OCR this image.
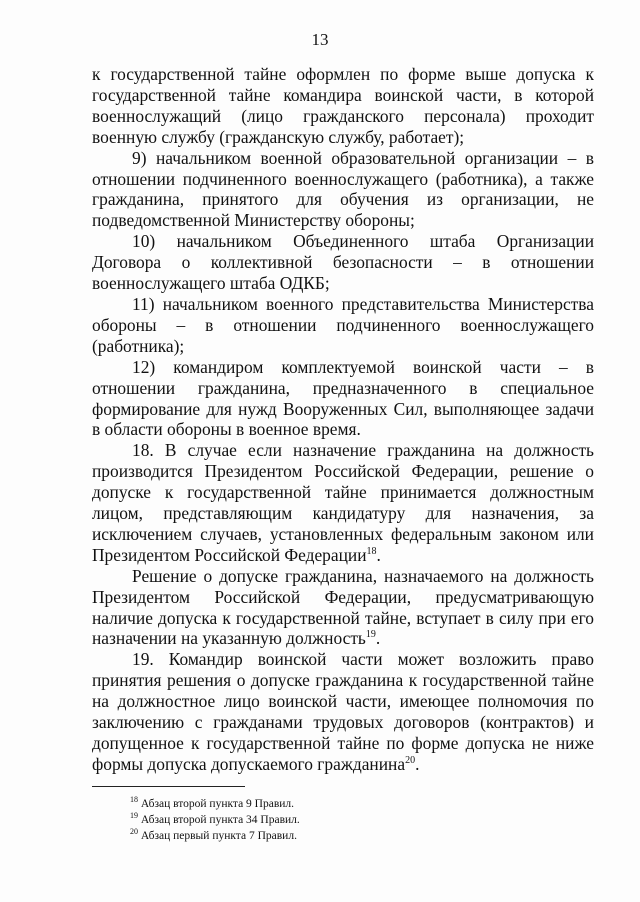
13

к государственной тайне оформлен по форме выше допуска к государственной тайне командира воинской части, в которой военнослужащий (лицо гражданского персонала) проходит военную службу (гражданскую службу, работает);

9) начальником военной образовательной организации – в отношении подчиненного военнослужащего (работника), а также гражданина, принятого для обучения из организации, не подведомственной Министерству обороны;

10) начальником Объединенного штаба Организации Договора о коллективной безопасности – в отношении военнослужащего штаба ОДКБ;

11) начальником военного представительства Министерства обороны – в отношении подчиненного военнослужащего (работника);

12) командиром комплектуемой воинской части – в отношении гражданина, предназначенного в специальное формирование для нужд Вооруженных Сил, выполняющее задачи в области обороны в военное время.

18. В случае если назначение гражданина на должность производится Президентом Российской Федерации, решение о допуске к государственной тайне принимается должностным лицом, представляющим кандидатуру для назначения, за исключением случаев, установленных федеральным законом или Президентом Российской Федерации$^{18}$.

Решение о допуске гражданина, назначаемого на должность Президентом Российской Федерации, предусматривающую наличие допуска к государственной тайне, вступает в силу при его назначении на указанную должность$^{19}$.

19. Командир воинской части может возложить право принятия решения о допуске гражданина к государственной тайне на должностное лицо воинской части, имеющее полномочия по заключению с гражданами трудовых договоров (контрактов) и допущенное к государственной тайне по форме допуска не ниже формы допуска допускаемого гражданина$^{20}$.

$^{18}$ Абзац второй пункта 9 Правил.
$^{19}$ Абзац второй пункта 34 Правил.
$^{20}$ Абзац первый пункта 7 Правил.
